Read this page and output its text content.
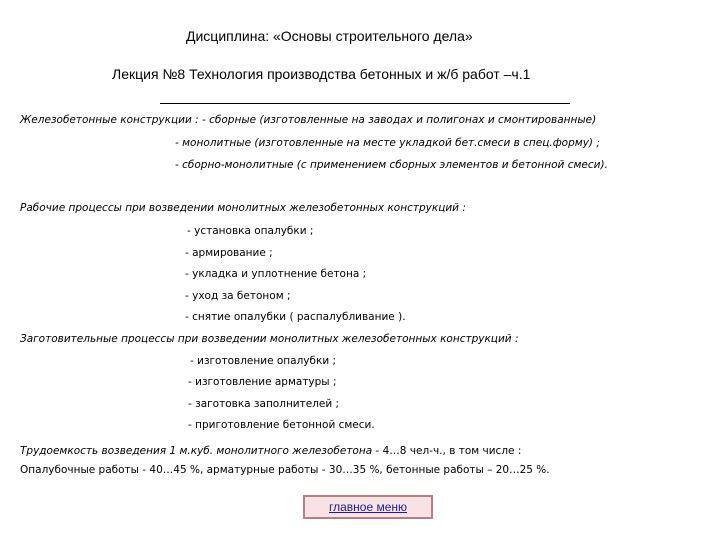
Дисциплина: «Основы строительного дела»
Лекция №8 Технология производства бетонных и ж/б работ –ч.1
Железобетонные конструкции : - сборные (изготовленные на заводах и полигонах и смонтированные)
- монолитные (изготовленные на месте укладкой бет.смеси в спец.форму) ;
- сборно-монолитные (с применением сборных элементов и бетонной смеси).
Рабочие процессы при возведении монолитных железобетонных конструкций :
- установка опалубки ;
- армирование ;
- укладка и уплотнение бетона ;
- уход за бетоном ;
- снятие опалубки ( распалубливание ).
Заготовительные процессы при возведении монолитных железобетонных конструкций :
- изготовление опалубки ;
- изготовление арматуры ;
- заготовка заполнителей ;
- приготовление бетонной смеси.
Трудоемкость возведения 1 м.куб. монолитного железобетона - 4…8 чел-ч., в том числе :
Опалубочные работы - 40…45 %, арматурные работы - 30…35 %, бетонные работы – 20…25 %.
главное меню
